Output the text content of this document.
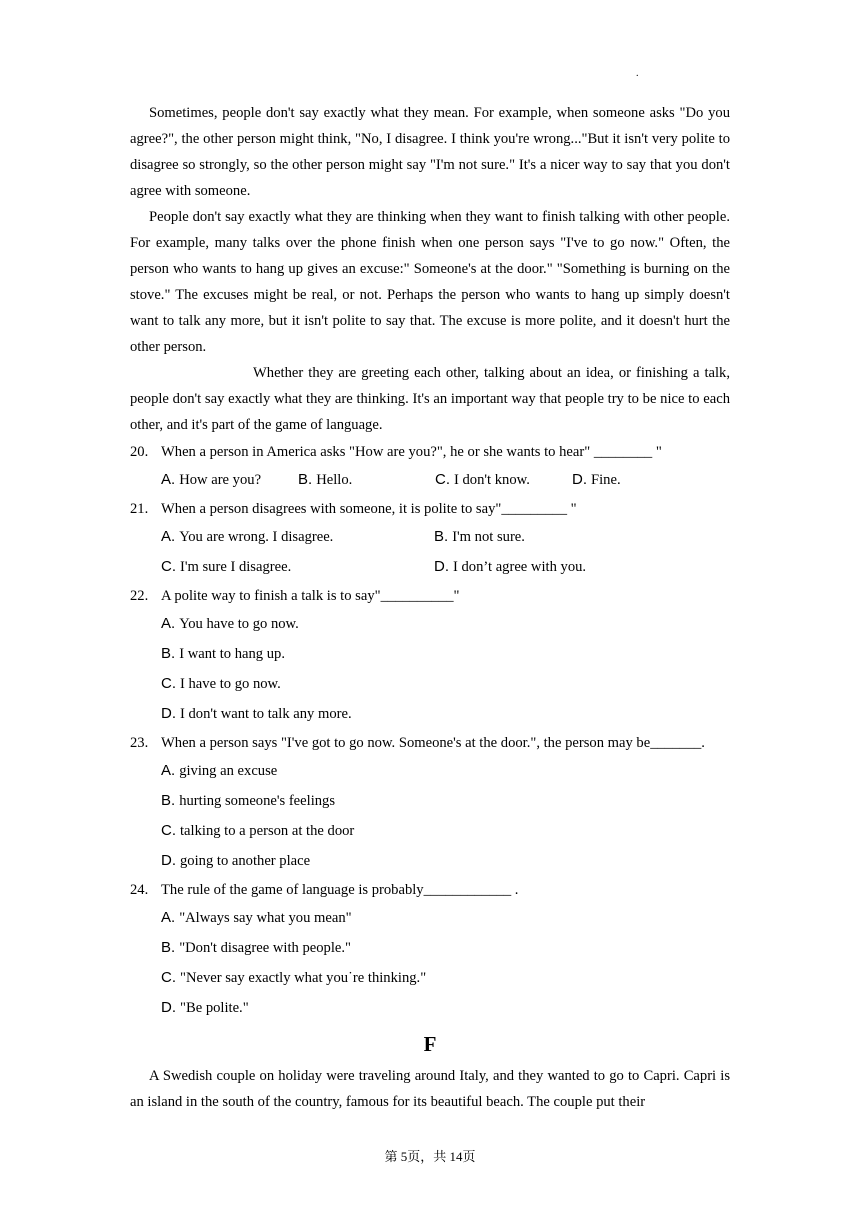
.

Sometimes, people don't say exactly what they mean. For example, when someone asks "Do you agree?", the other person might think, "No, I disagree. I think you're wrong..."But it isn't very polite to disagree so strongly, so the other person might say "I'm not sure." It's a nicer way to say that you don't agree with someone.

People don't say exactly what they are thinking when they want to finish talking with other people. For example, many talks over the phone finish when one person says "I've to go now." Often, the person who wants to hang up gives an excuse:" Someone's at the door." "Something is burning on the stove." The excuses might be real, or not. Perhaps the person who wants to hang up simply doesn't want to talk any more, but it isn't polite to say that. The excuse is more polite, and it doesn't hurt the other person.

Whether they are greeting each other, talking about an idea, or finishing a talk, people don't say exactly what they are thinking. It's an important way that people try to be nice to each other, and it's part of the game of language.

20. When a person in America asks "How are you?", he or she wants to hear" ________ "
A. How are you?	B. Hello.	C. I don't know.	D. Fine.
21. When a person disagrees with someone, it is polite to say"_________ "
A. You are wrong. I disagree.	B. I'm not sure.
C. I'm sure I disagree.	D. I don’t agree with you.
22. A polite way to finish a talk is to say"__________"
A. You have to go now.
B. I want to hang up.
C. I have to go now.
D. I don't want to talk any more.
23. When a person says "I've got to go now. Someone's at the door.", the person may be_______.
A. giving an excuse
B. hurting someone's feelings
C. talking to a person at the door
D. going to another place
24. The rule of the game of language is probably____________ .
A. "Always say what you mean"
B. "Don't disagree with people."
C. "Never say exactly what you˙re thinking."
D. "Be polite."
F

A Swedish couple on holiday were traveling around Italy, and they wanted to go to Capri. Capri is an island in the south of the country, famous for its beautiful beach. The couple put their

第 5页，共 14页
